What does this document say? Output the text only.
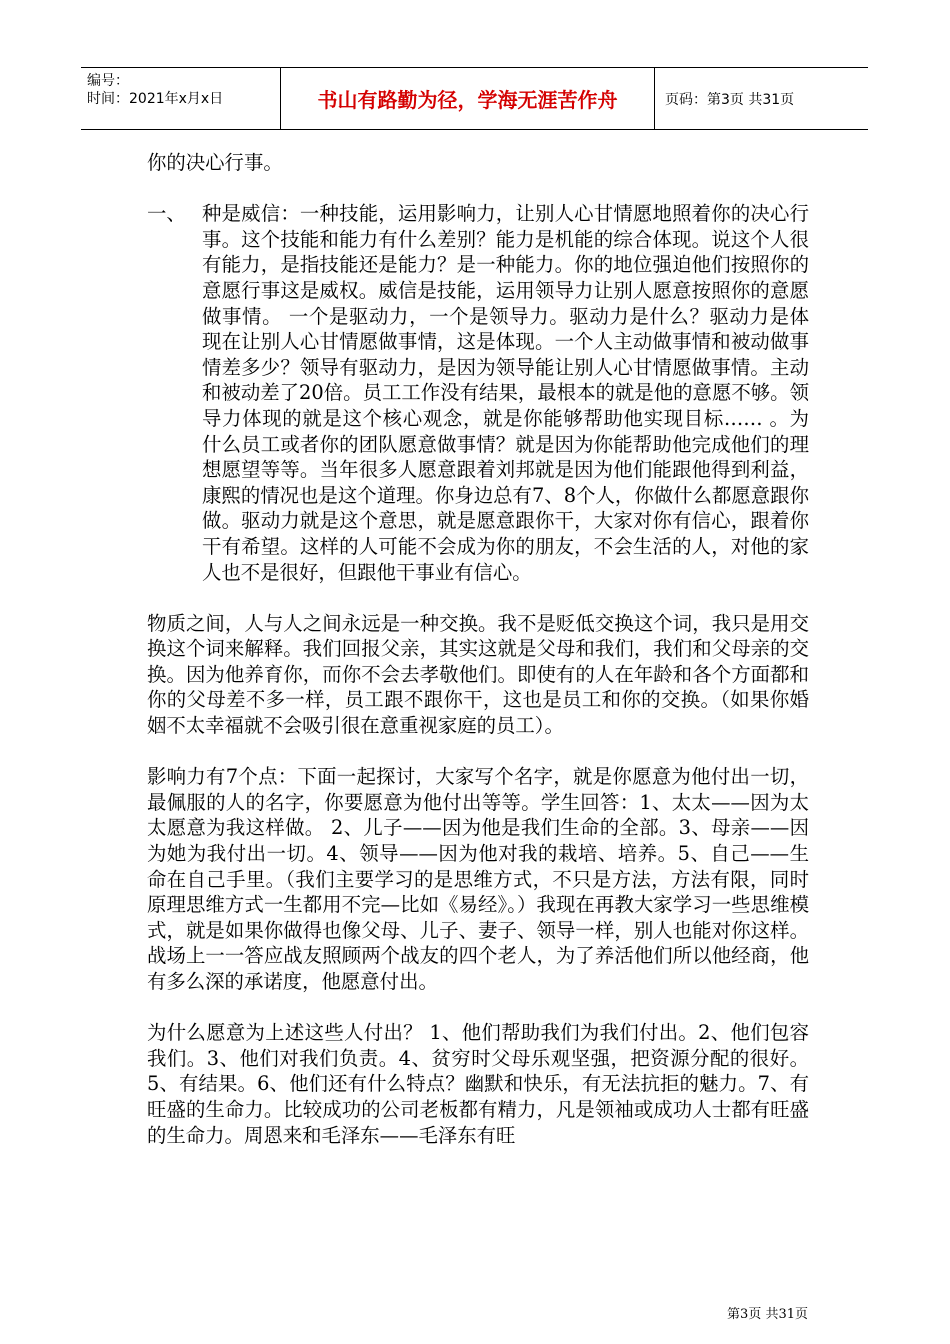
编号：
时间：2021年x月x日	书山有路勤为径，学海无涯苦作舟	页码：第3页 共31页

你的决心行事。

一、 种是威信：一种技能，运用影响力，让别人心甘情愿地照着你的决心行事。这个技能和能力有什么差别？能力是机能的综合体现。说这个人很有能力，是指技能还是能力？是一种能力。你的地位强迫他们按照你的意愿行事这是威权。威信是技能，运用领导力让别人愿意按照你的意愿做事情。 一个是驱动力，一个是领导力。驱动力是什么？驱动力是体现在让别人心甘情愿做事情，这是体现。一个人主动做事情和被动做事情差多少？领导有驱动力，是因为领导能让别人心甘情愿做事情。主动和被动差了20倍。员工工作没有结果，最根本的就是他的意愿不够。领导力体现的就是这个核心观念，就是你能够帮助他实现目标…… 。为什么员工或者你的团队愿意做事情？就是因为你能帮助他完成他们的理想愿望等等。当年很多人愿意跟着刘邦就是因为他们能跟他得到利益，康熙的情况也是这个道理。你身边总有7、8个人，你做什么都愿意跟你做。驱动力就是这个意思，就是愿意跟你干，大家对你有信心，跟着你干有希望。这样的人可能不会成为你的朋友，不会生活的人，对他的家人也不是很好，但跟他干事业有信心。

物质之间，人与人之间永远是一种交换。我不是贬低交换这个词，我只是用交换这个词来解释。我们回报父亲，其实这就是父母和我们，我们和父母亲的交换。因为他养育你，而你不会去孝敬他们。即使有的人在年龄和各个方面都和你的父母差不多一样，员工跟不跟你干，这也是员工和你的交换。（如果你婚姻不太幸福就不会吸引很在意重视家庭的员工）。

影响力有7个点：下面一起探讨，大家写个名字，就是你愿意为他付出一切，最佩服的人的名字，你要愿意为他付出等等。学生回答：1、太太——因为太太愿意为我这样做。 2、儿子——因为他是我们生命的全部。3、母亲——因为她为我付出一切。4、领导——因为他对我的栽培、培养。5、自己——生命在自己手里。（我们主要学习的是思维方式，不只是方法，方法有限，同时原理思维方式一生都用不完—比如《易经》。）我现在再教大家学习一些思维模式，就是如果你做得也像父母、儿子、妻子、领导一样，别人也能对你这样。战场上一一答应战友照顾两个战友的四个老人，为了养活他们所以他经商，他有多么深的承诺度，他愿意付出。

为什么愿意为上述这些人付出？ 1、他们帮助我们为我们付出。2、他们包容我们。3、他们对我们负责。4、贫穷时父母乐观坚强，把资源分配的很好。5、有结果。6、他们还有什么特点？幽默和快乐，有无法抗拒的魅力。7、有旺盛的生命力。比较成功的公司老板都有精力，凡是领袖或成功人士都有旺盛的生命力。周恩来和毛泽东——毛泽东有旺

第3页 共31页
